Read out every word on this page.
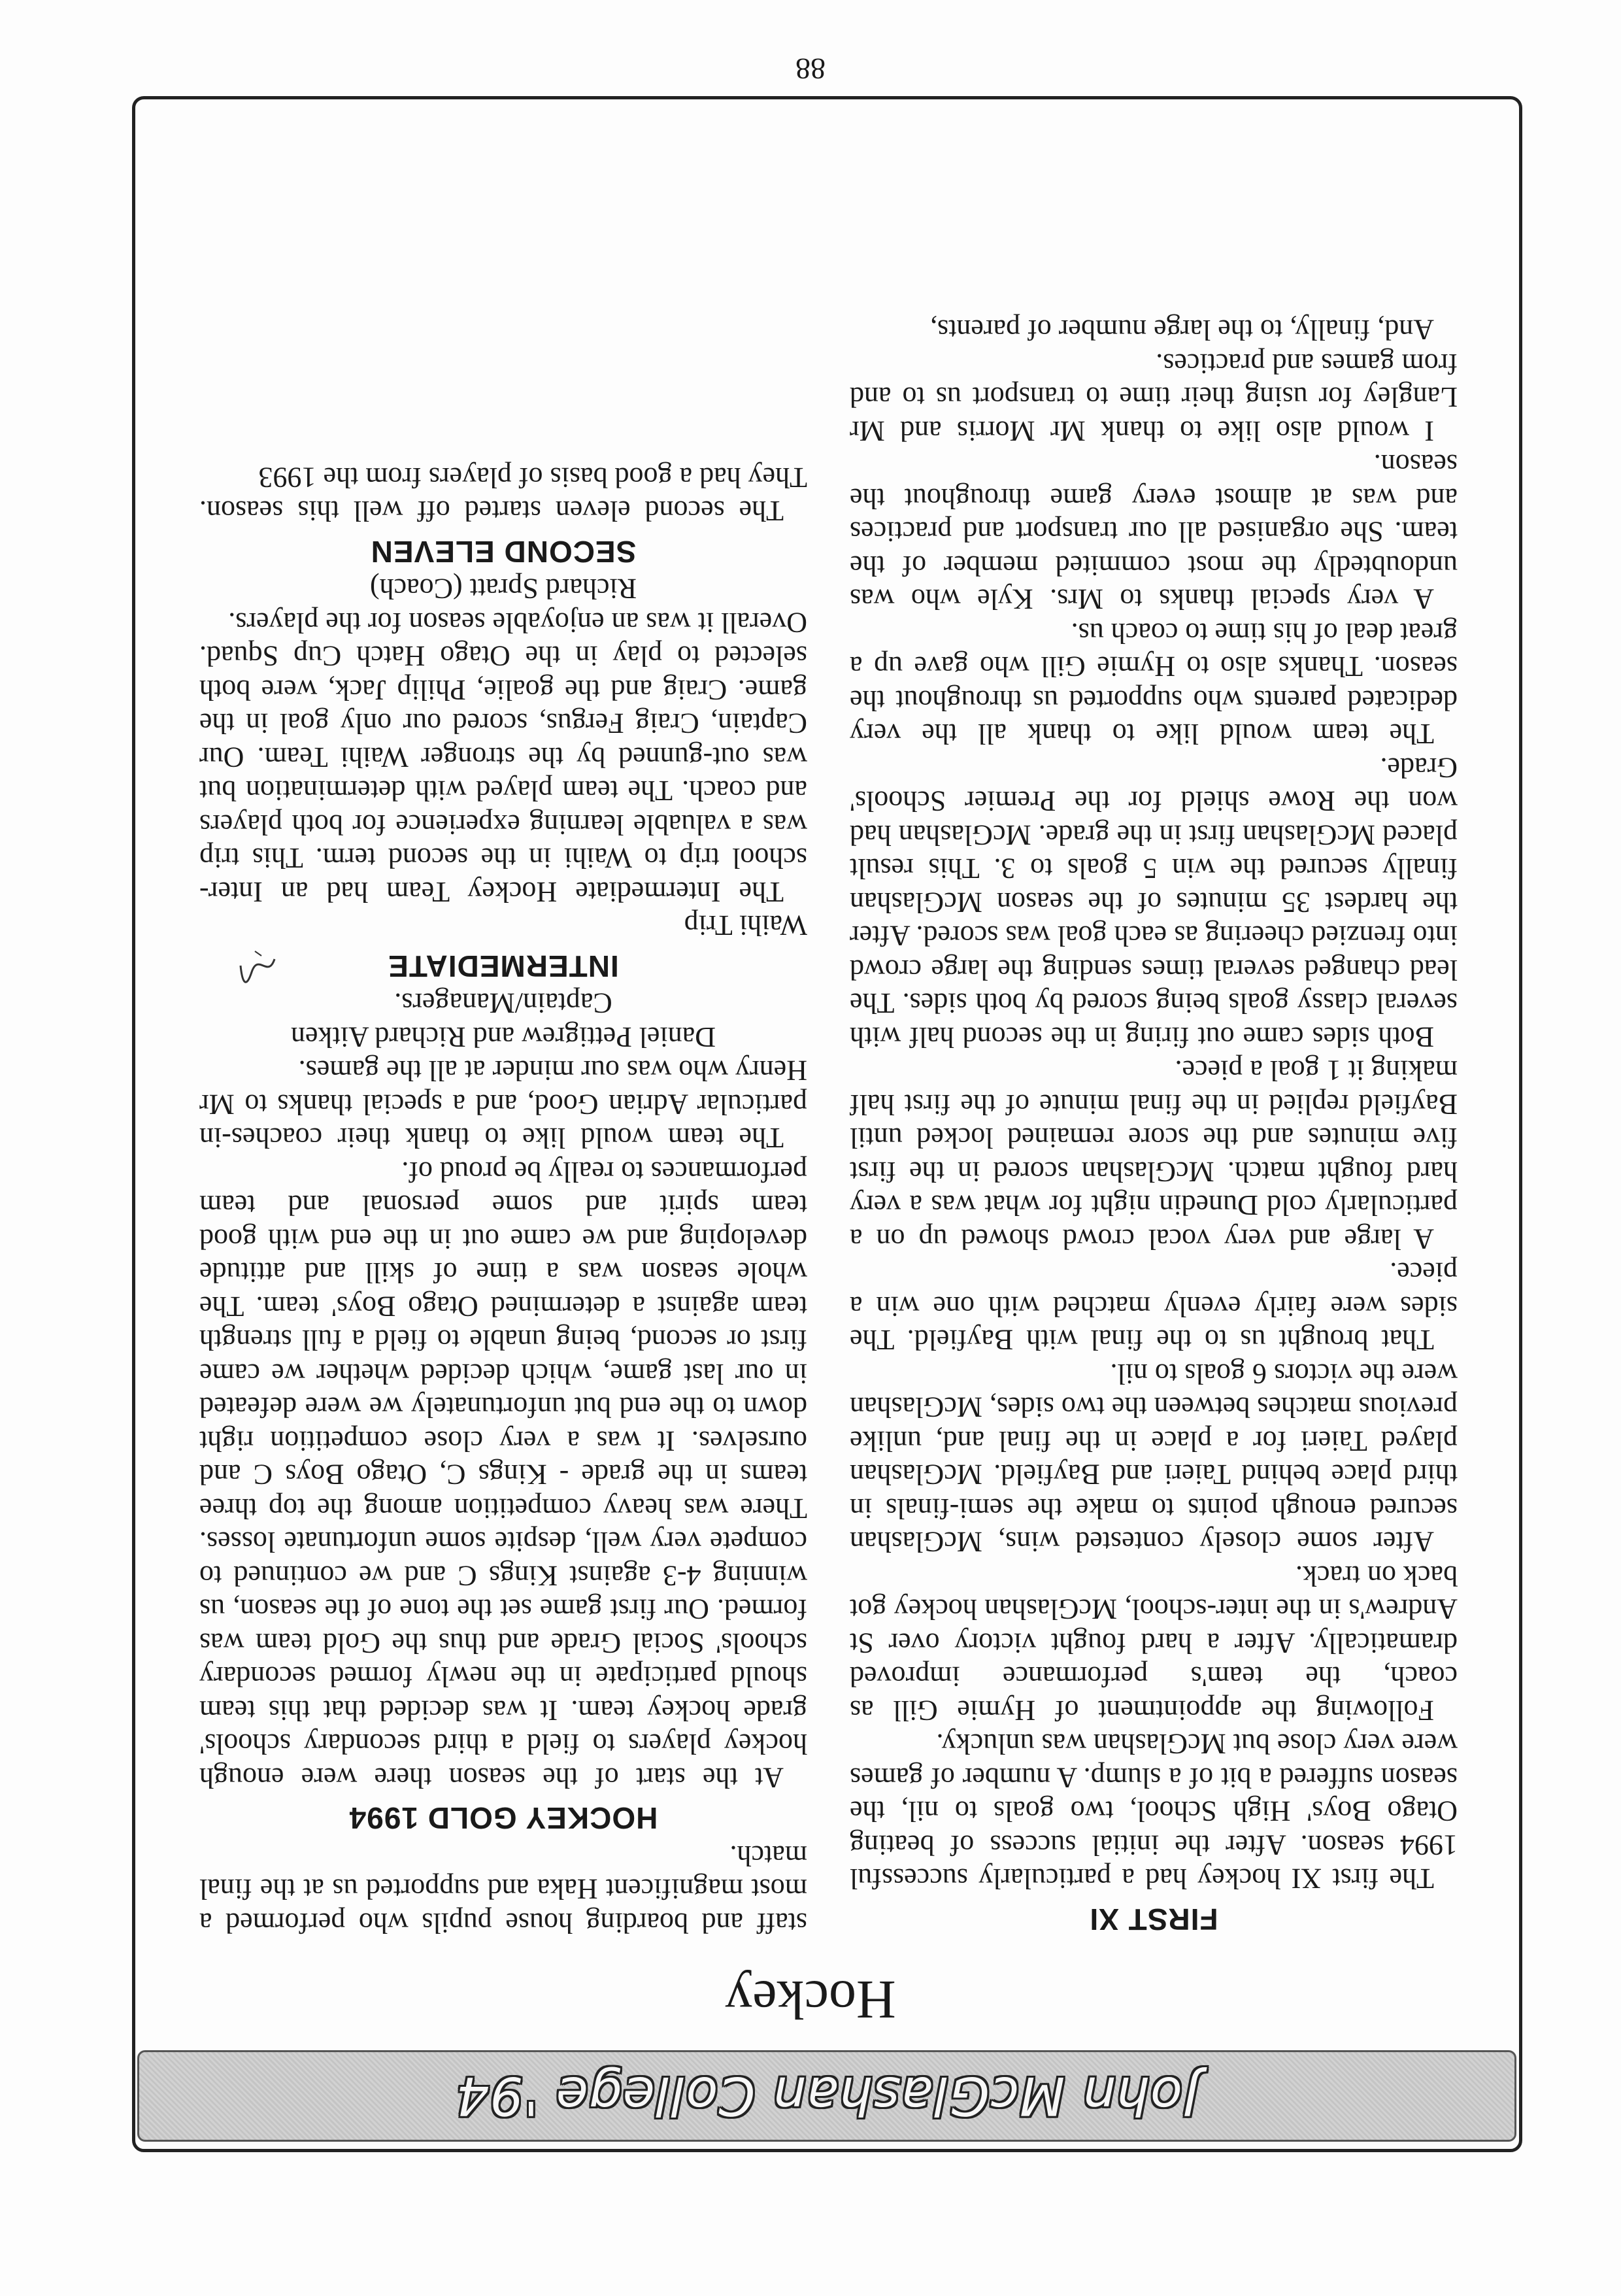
John McGlashan College '94
Hockey
FIRST XI

The first XI hockey had a particularly successful 1994 season. After the initial success of beating Otago Boys' High School, two goals to nil, the season suffered a bit of a slump. A number of games were very close but McGlashan was unlucky.

Following the appointment of Hymie Gill as coach, the team's performance improved dramatically. After a hard fought victory over St Andrew's in the inter-school, McGlashan hockey got back on track.

After some closely contested wins, McGlashan secured enough points to make the semi-finals in third place behind Taieri and Bayfield. McGlashan played Taieri for a place in the final and, unlike previous matches between the two sides, McGlashan were the victors 6 goals to nil.

That brought us to the final with Bayfield. The sides were fairly evenly matched with one win a piece.

A large and very vocal crowd showed up on a particularly cold Dunedin night for what was a very hard fought match. McGlashan scored in the first five minutes and the score remained locked until Bayfield replied in the final minute of the first half making it 1 goal a piece.

Both sides came out firing in the second half with several classy goals being scored by both sides. The lead changed several times sending the large crowd into frenzied cheering as each goal was scored. After the hardest 35 minutes of the season McGlashan finally secured the win 5 goals to 3. This result placed McGlashan first in the grade. McGlashan had won the Rowe shield for the Premier Schools' Grade.

The team would like to thank all the very dedicated parents who supported us throughout the season. Thanks also to Hymie Gill who gave up a great deal of his time to coach us.

A very special thanks to Mrs. Kyle who was undoubtedly the most commited member of the team. She organised all our transport and practices and was at almost every game throughout the season.

I would also like to thank Mr Morris and Mr Langley for using their time to transport us to and from games and practices.

And, finally, to the large number of parents,

staff and boarding house pupils who performed a most magnificent Haka and supported us at the final match.

HOCKEY GOLD 1994

At the start of the season there were enough hockey players to field a third secondary schools' grade hockey team. It was decided that this team should participate in the newly formed secondary schools' Social Grade and thus the Gold team was formed. Our first game set the tone of the season, us winning 4-3 against Kings C and we continued to compete very well, despite some unfortunate losses. There was heavy competition among the top three teams in the grade - Kings C, Otago Boys C and ourselves. It was a very close competition right down to the end but unfortunately we were defeated in our last game, which decided whether we came first or second, being unable to field a full strength team against a determined Otago Boys' team. The whole season was a time of skill and attitude developing and we came out in the end with good team spirit and some personal and team performances to really be proud of.

The team would like to thank their coaches-in particular Adrian Good, and a special thanks to Mr Henry who was our minder at all the games.

Daniel Pettigrew and Richard Aitken

Captain/Managers.

INTERMEDIATE

Waihi Trip

The Intermediate Hockey Team had an Inter-school trip to Waihi in the second term. This trip was a valuable learning experience for both players and coach. The team played with determination but was out-gunned by the stronger Waihi Team. Our Captain, Craig Fergus, scored our only goal in the game. Craig and the goalie, Philip Jack, were both selected to play in the Otago Hatch Cup Squad. Overall it was an enjoyable season for the players.

Richard Spratt (Coach)

SECOND ELEVEN

The second eleven started off well this season. They had a good basis of players from the 1993

88
